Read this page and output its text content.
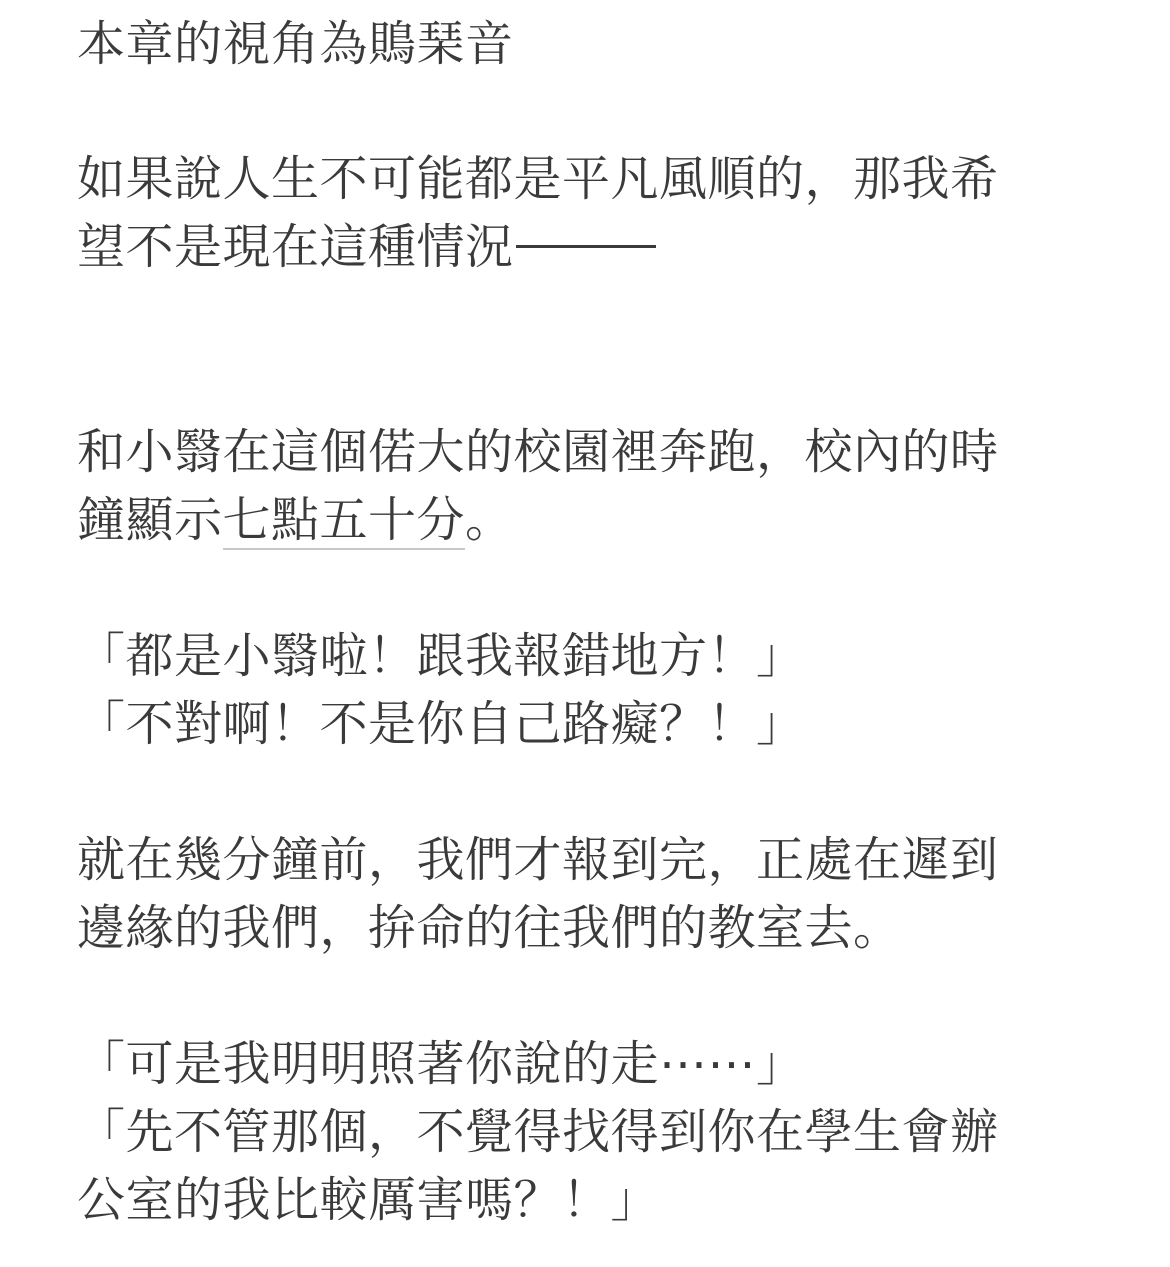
本章的視角為鵙琹音
如果說人生不可能都是平凡風順的，那我希
望不是現在這種情況
和小翳在這個偌大的校園裡奔跑，校內的時
鐘顯示七點五十分。
「都是小翳啦！跟我報錯地方！」
「不對啊！不是你自己路癡？！」
就在幾分鐘前，我們才報到完，正處在遲到
邊緣的我們，拚命的往我們的教室去。
「可是我明明照著你說的走⋯⋯」
「先不管那個，不覺得找得到你在學生會辦
公室的我比較厲害嗎？！」
